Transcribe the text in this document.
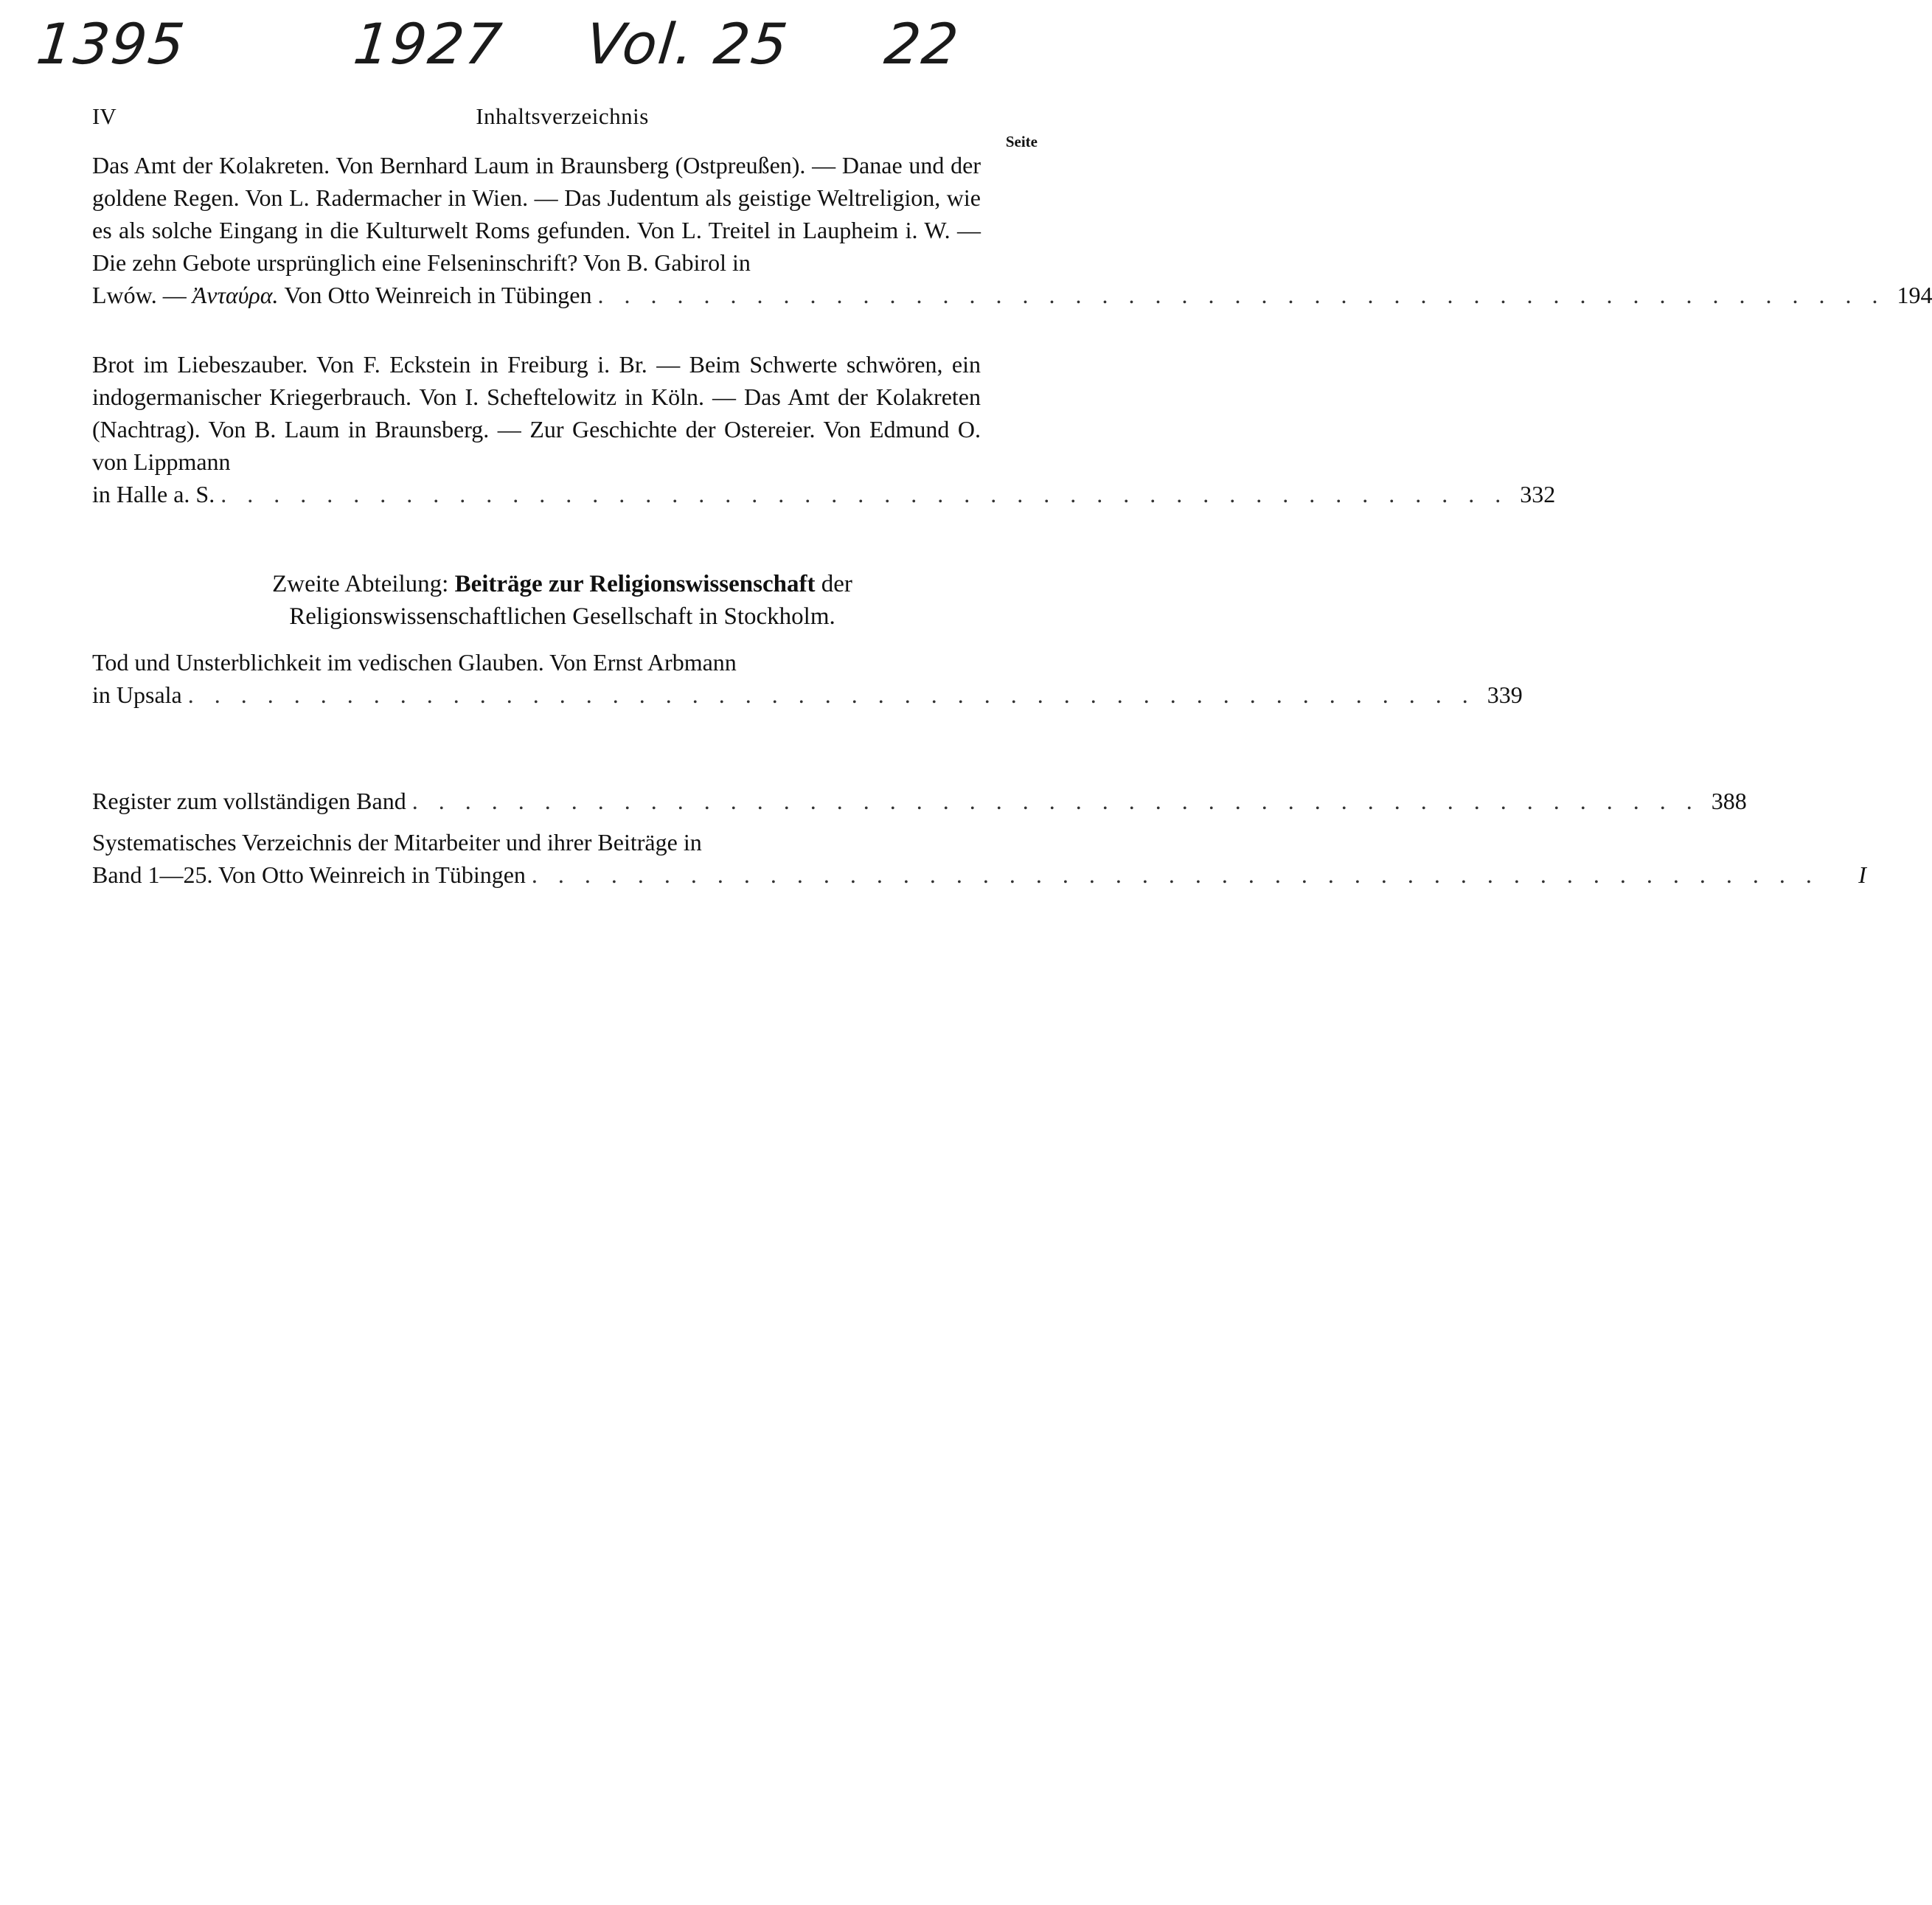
1395	1927 Vol. 25 22
IV	Inhaltsverzeichnis
Seite

Das Amt der Kolakreten. Von Bernhard Laum in Braunsberg (Ostpreußen). — Danae und der goldene Regen. Von L. Radermacher in Wien. — Das Judentum als geistige Weltreligion, wie es als solche Eingang in die Kulturwelt Roms gefunden. Von L. Treitel in Laupheim i. W. — Die zehn Gebote ursprünglich eine Felseninschrift? Von B. Gabirol in
Lwów. — Ἀνταύρα. Von Otto Weinreich in Tübingen . . . . . . . . . . . . . . . . . . . . . . . . . . . . . . . . . . . . . . . . . . . . . . . . . 194

Brot im Liebeszauber. Von F. Eckstein in Freiburg i. Br. — Beim Schwerte schwören, ein indogermanischer Kriegerbrauch. Von I. Scheftelowitz in Köln. — Das Amt der Kolakreten (Nachtrag). Von B. Laum in Braunsberg. — Zur Geschichte der Ostereier. Von Edmund O. von Lippmann
in Halle a. S. . . . . . . . . . . . . . . . . . . . . . . . . . . . . . . . . . . . . . . . . . . . . . . . . . 332

Zweite Abteilung: Beiträge zur Religionswissenschaft der
Religionswissenschaftlichen Gesellschaft in Stockholm.

Tod und Unsterblichkeit im vedischen Glauben. Von Ernst Arbmann
in Upsala . . . . . . . . . . . . . . . . . . . . . . . . . . . . . . . . . . . . . . . . . . . . . . . . . 339

Register zum vollständigen Band . . . . . . . . . . . . . . . . . . . . . . . . . . . . . . . . . . . . . . . . . . . . . . . . . 388

Systematisches Verzeichnis der Mitarbeiter und ihrer Beiträge in
Band 1—25. Von Otto Weinreich in Tübingen . . . . . . . . . . . . . . . . . . . . . . . . . . . . . . . . . . . . . . . . . . . . . . . . .	I
